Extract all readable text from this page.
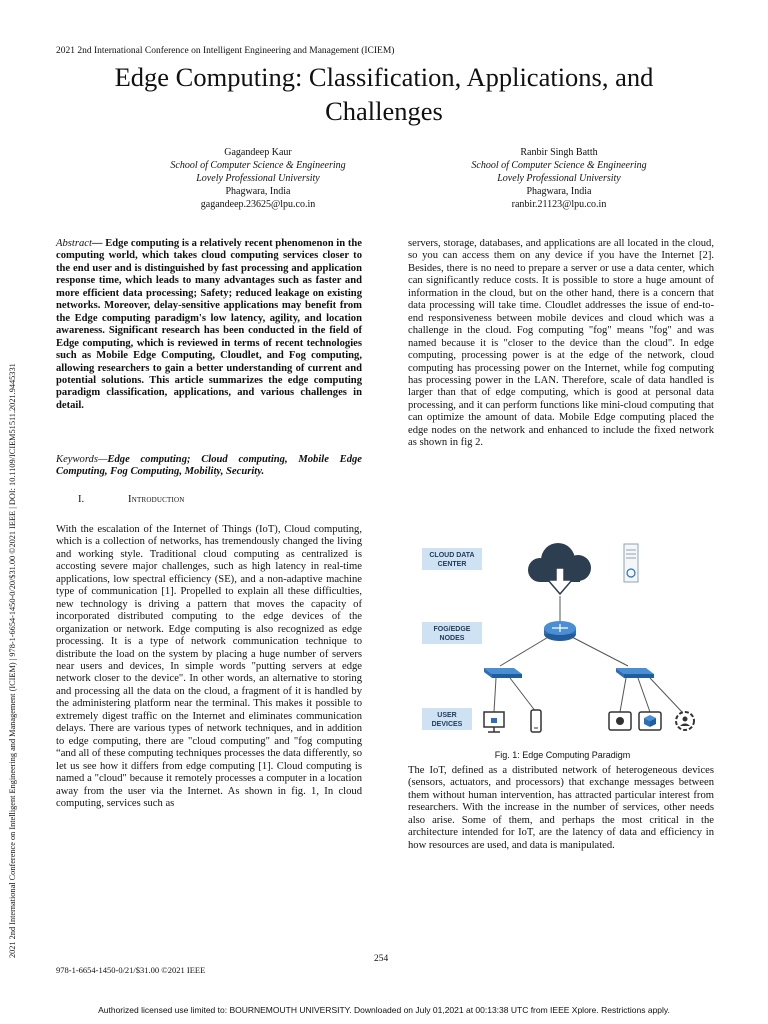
2021 2nd International Conference on Intelligent Engineering and Management (ICIEM)
Edge Computing: Classification, Applications, and
Challenges
Gagandeep Kaur
School of Computer Science & Engineering
Lovely Professional University
Phagwara, India
gagandeep.23625@lpu.co.in
Ranbir Singh Batth
School of Computer Science & Engineering
Lovely Professional University
Phagwara, India
ranbir.21123@lpu.co.in
2021 2nd International Conference on Intelligent Engineering and Management (ICIEM) | 978-1-6654-1450-0/20/$31.00 ©2021 IEEE | DOI: 10.1109/ICIEM51511.2021.9445331

Abstract— Edge computing is a relatively recent phenomenon in the computing world, which takes cloud computing services closer to the end user and is distinguished by fast processing and application response time, which leads to many advantages such as faster and more efficient data processing; Safety; reduced leakage on existing networks. Moreover, delay-sensitive applications may benefit from the Edge computing paradigm's low latency, agility, and location awareness. Significant research has been conducted in the field of Edge computing, which is reviewed in terms of recent technologies such as Mobile Edge Computing, Cloudlet, and Fog computing, allowing researchers to gain a better understanding of current and potential solutions. This article summarizes the edge computing paradigm classification, applications, and various challenges in detail.

Keywords—Edge computing; Cloud computing, Mobile Edge Computing, Fog Computing, Mobility, Security.

I.	Introduction

With the escalation of the Internet of Things (IoT), Cloud computing, which is a collection of networks, has tremendously changed the living and working style. Traditional cloud computing as centralized is accosting severe major challenges, such as high latency in real-time applications, low spectral efficiency (SE), and a non-adaptive machine type of communication [1]. Propelled to explain all these difficulties, new technology is driving a pattern that moves the capacity of incorporated distributed computing to the edge devices of the organization or network. Edge computing is also recognized as edge processing. It is a type of network communication technique to distribute the load on the system by placing a huge number of servers near users and devices, In simple words "putting servers at edge network closer to the device". In other words, an alternative to storing and processing all the data on the cloud, a fragment of it is handled by the administering platform near the terminal. This makes it possible to extremely digest traffic on the Internet and eliminates communication delays. There are various types of network techniques, and in addition to edge computing, there are "cloud computing" and "fog computing “and all of these computing techniques processes the data differently, so let us see how it differs from edge computing [1]. Cloud computing is named a "cloud" because it remotely processes a computer in a location away from the user via the Internet. As shown in fig. 1, In cloud computing, services such as

servers, storage, databases, and applications are all located in the cloud, so you can access them on any device if you have the Internet [2]. Besides, there is no need to prepare a server or use a data center, which can significantly reduce costs. It is possible to store a huge amount of information in the cloud, but on the other hand, there is a concern that data processing will take time. Cloudlet addresses the issue of end-to-end responsiveness between mobile devices and cloud which was a challenge in the cloud. Fog computing "fog" means "fog" and was named because it is "closer to the device than the cloud". In edge computing, processing power is at the edge of the network, cloud computing has processing power on the Internet, while fog computing has processing power in the LAN. Therefore, scale of data handled is larger than that of edge computing, which is good at personal data processing, and it can perform functions like mini-cloud computing that can optimize the amount of data. Mobile Edge computing placed the edge nodes on the network and enhanced to include the fixed network as shown in fig 2.

CLOUD DATA
CENTER
FOG/EDGE
NODES
USER
DEVICES
Fig. 1: Edge Computing Paradigm

The IoT, defined as a distributed network of heterogeneous devices (sensors, actuators, and processors) that exchange messages between them without human intervention, has attracted particular interest from researchers. With the increase in the number of services, other needs also arise. Some of them, and perhaps the most critical in the architecture intended for IoT, are the latency of data and efficiency in how resources are used, and data is manipulated.

254
978-1-6654-1450-0/21/$31.00 ©2021 IEEE
Authorized licensed use limited to: BOURNEMOUTH UNIVERSITY. Downloaded on July 01,2021 at 00:13:38 UTC from IEEE Xplore. Restrictions apply.
